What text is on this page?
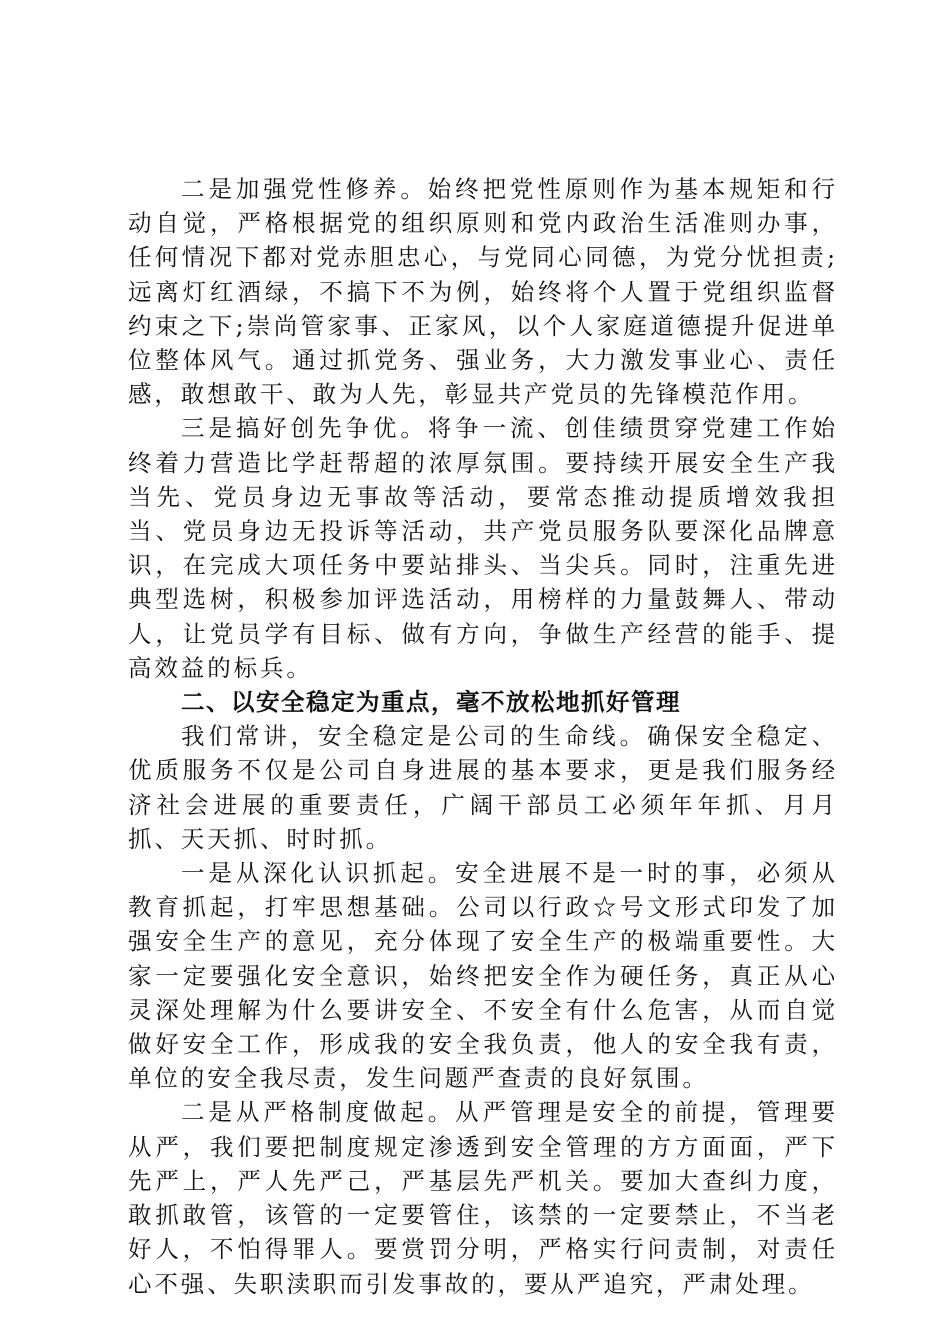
二是加强党性修养。始终把党性原则作为基本规矩和行动自觉，严格根据党的组织原则和党内政治生活准则办事，任何情况下都对党赤胆忠心，与党同心同德，为党分忧担责;远离灯红酒绿，不搞下不为例，始终将个人置于党组织监督约束之下;崇尚管家事、正家风，以个人家庭道德提升促进单位整体风气。通过抓党务、强业务，大力激发事业心、责任感，敢想敢干、敢为人先，彰显共产党员的先锋模范作用。

三是搞好创先争优。将争一流、创佳绩贯穿党建工作始终着力营造比学赶帮超的浓厚氛围。要持续开展安全生产我当先、党员身边无事故等活动，要常态推动提质增效我担当、党员身边无投诉等活动，共产党员服务队要深化品牌意识，在完成大项任务中要站排头、当尖兵。同时，注重先进典型选树，积极参加评选活动，用榜样的力量鼓舞人、带动人，让党员学有目标、做有方向，争做生产经营的能手、提高效益的标兵。

二、以安全稳定为重点，毫不放松地抓好管理

我们常讲，安全稳定是公司的生命线。确保安全稳定、优质服务不仅是公司自身进展的基本要求，更是我们服务经济社会进展的重要责任，广阔干部员工必须年年抓、月月抓、天天抓、时时抓。

一是从深化认识抓起。安全进展不是一时的事，必须从教育抓起，打牢思想基础。公司以行政☆号文形式印发了加强安全生产的意见，充分体现了安全生产的极端重要性。大家一定要强化安全意识，始终把安全作为硬任务，真正从心灵深处理解为什么要讲安全、不安全有什么危害，从而自觉做好安全工作，形成我的安全我负责，他人的安全我有责，单位的安全我尽责，发生问题严查责的良好氛围。

二是从严格制度做起。从严管理是安全的前提，管理要从严，我们要把制度规定渗透到安全管理的方方面面，严下先严上，严人先严己，严基层先严机关。要加大查纠力度，敢抓敢管，该管的一定要管住，该禁的一定要禁止，不当老好人，不怕得罪人。要赏罚分明，严格实行问责制，对责任心不强、失职渎职而引发事故的，要从严追究，严肃处理。
